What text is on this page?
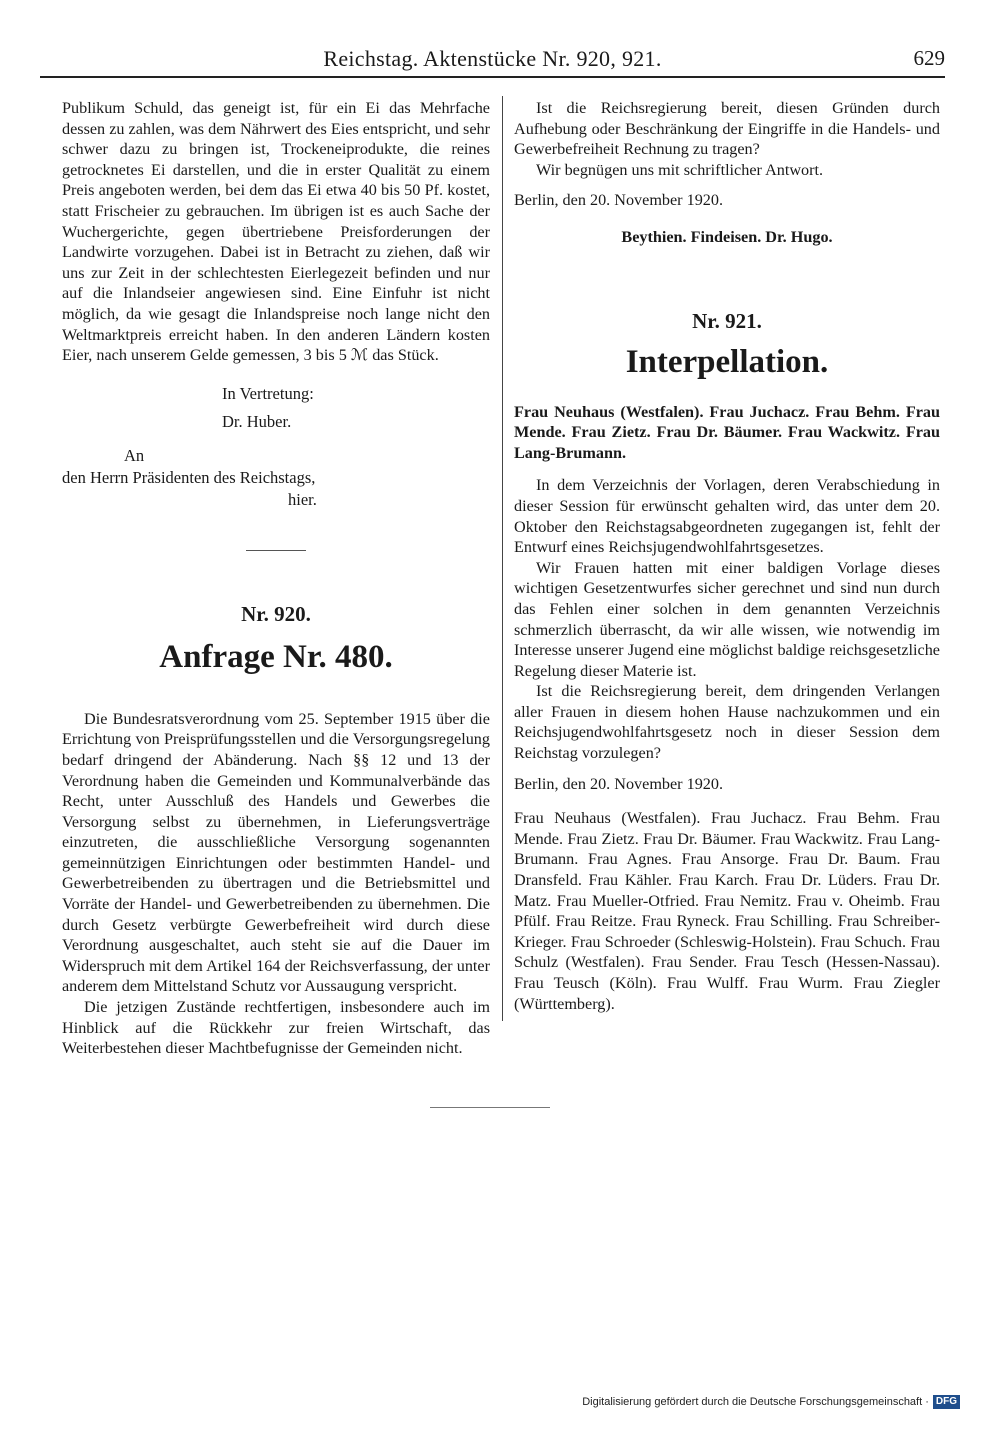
Reichstag. Aktenstücke Nr. 920, 921.	629

Publikum Schuld, das geneigt ist, für ein Ei das Mehrfache dessen zu zahlen, was dem Nährwert des Eies entspricht, und sehr schwer dazu zu bringen ist, Trockeneiprodukte, die reines getrocknetes Ei darstellen, und die in erster Qualität zu einem Preis angeboten werden, bei dem das Ei etwa 40 bis 50 Pf. kostet, statt Frischeier zu gebrauchen. Im übrigen ist es auch Sache der Wuchergerichte, gegen übertriebene Preisforderungen der Landwirte vorzugehen. Dabei ist in Betracht zu ziehen, daß wir uns zur Zeit in der schlechtesten Eierlegezeit befinden und nur auf die Inlandseier angewiesen sind. Eine Einfuhr ist nicht möglich, da wie gesagt die Inlandspreise noch lange nicht den Weltmarktpreis erreicht haben. In den anderen Ländern kosten Eier, nach unserem Gelde gemessen, 3 bis 5 ℳ das Stück.

In Vertretung:
Dr. Huber.
An
den Herrn Präsidenten des Reichstags,
hier.
Nr. 920.
Anfrage Nr. 480.

Die Bundesratsverordnung vom 25. September 1915 über die Errichtung von Preisprüfungsstellen und die Versorgungsregelung bedarf dringend der Abänderung. Nach §§ 12 und 13 der Verordnung haben die Gemeinden und Kommunalverbände das Recht, unter Ausschluß des Handels und Gewerbes die Versorgung selbst zu übernehmen, in Lieferungsverträge einzutreten, die ausschließliche Versorgung sogenannten gemeinnützigen Einrichtungen oder bestimmten Handel- und Gewerbetreibenden zu übertragen und die Betriebsmittel und Vorräte der Handel- und Gewerbetreibenden zu übernehmen. Die durch Gesetz verbürgte Gewerbefreiheit wird durch diese Verordnung ausgeschaltet, auch steht sie auf die Dauer im Widerspruch mit dem Artikel 164 der Reichsverfassung, der unter anderem dem Mittelstand Schutz vor Aussaugung verspricht.

Die jetzigen Zustände rechtfertigen, insbesondere auch im Hinblick auf die Rückkehr zur freien Wirtschaft, das Weiterbestehen dieser Machtbefugnisse der Gemeinden nicht.

Ist die Reichsregierung bereit, diesen Gründen durch Aufhebung oder Beschränkung der Eingriffe in die Handels- und Gewerbefreiheit Rechnung zu tragen?

Wir begnügen uns mit schriftlicher Antwort.

Berlin, den 20. November 1920.

Beythien. Findeisen. Dr. Hugo.

Nr. 921.
Interpellation.

Frau Neuhaus (Westfalen). Frau Juchacz. Frau Behm. Frau Mende. Frau Zietz. Frau Dr. Bäumer. Frau Wackwitz. Frau Lang-Brumann.

In dem Verzeichnis der Vorlagen, deren Verabschiedung in dieser Session für erwünscht gehalten wird, das unter dem 20. Oktober den Reichstagsabgeordneten zugegangen ist, fehlt der Entwurf eines Reichsjugendwohlfahrtsgesetzes.

Wir Frauen hatten mit einer baldigen Vorlage dieses wichtigen Gesetzentwurfes sicher gerechnet und sind nun durch das Fehlen einer solchen in dem genannten Verzeichnis schmerzlich überrascht, da wir alle wissen, wie notwendig im Interesse unserer Jugend eine möglichst baldige reichsgesetzliche Regelung dieser Materie ist.

Ist die Reichsregierung bereit, dem dringenden Verlangen aller Frauen in diesem hohen Hause nachzukommen und ein Reichsjugendwohlfahrtsgesetz noch in dieser Session dem Reichstag vorzulegen?

Berlin, den 20. November 1920.

Frau Neuhaus (Westfalen). Frau Juchacz. Frau Behm. Frau Mende. Frau Zietz. Frau Dr. Bäumer. Frau Wackwitz. Frau Lang-Brumann. Frau Agnes. Frau Ansorge. Frau Dr. Baum. Frau Dransfeld. Frau Kähler. Frau Karch. Frau Dr. Lüders. Frau Dr. Matz. Frau Mueller-Otfried. Frau Nemitz. Frau v. Oheimb. Frau Pfülf. Frau Reitze. Frau Ryneck. Frau Schilling. Frau Schreiber-Krieger. Frau Schroeder (Schleswig-Holstein). Frau Schuch. Frau Schulz (Westfalen). Frau Sender. Frau Tesch (Hessen-Nassau). Frau Teusch (Köln). Frau Wulff. Frau Wurm. Frau Ziegler (Württemberg).

Digitalisierung gefördert durch die Deutsche Forschungsgemeinschaft · DFG
